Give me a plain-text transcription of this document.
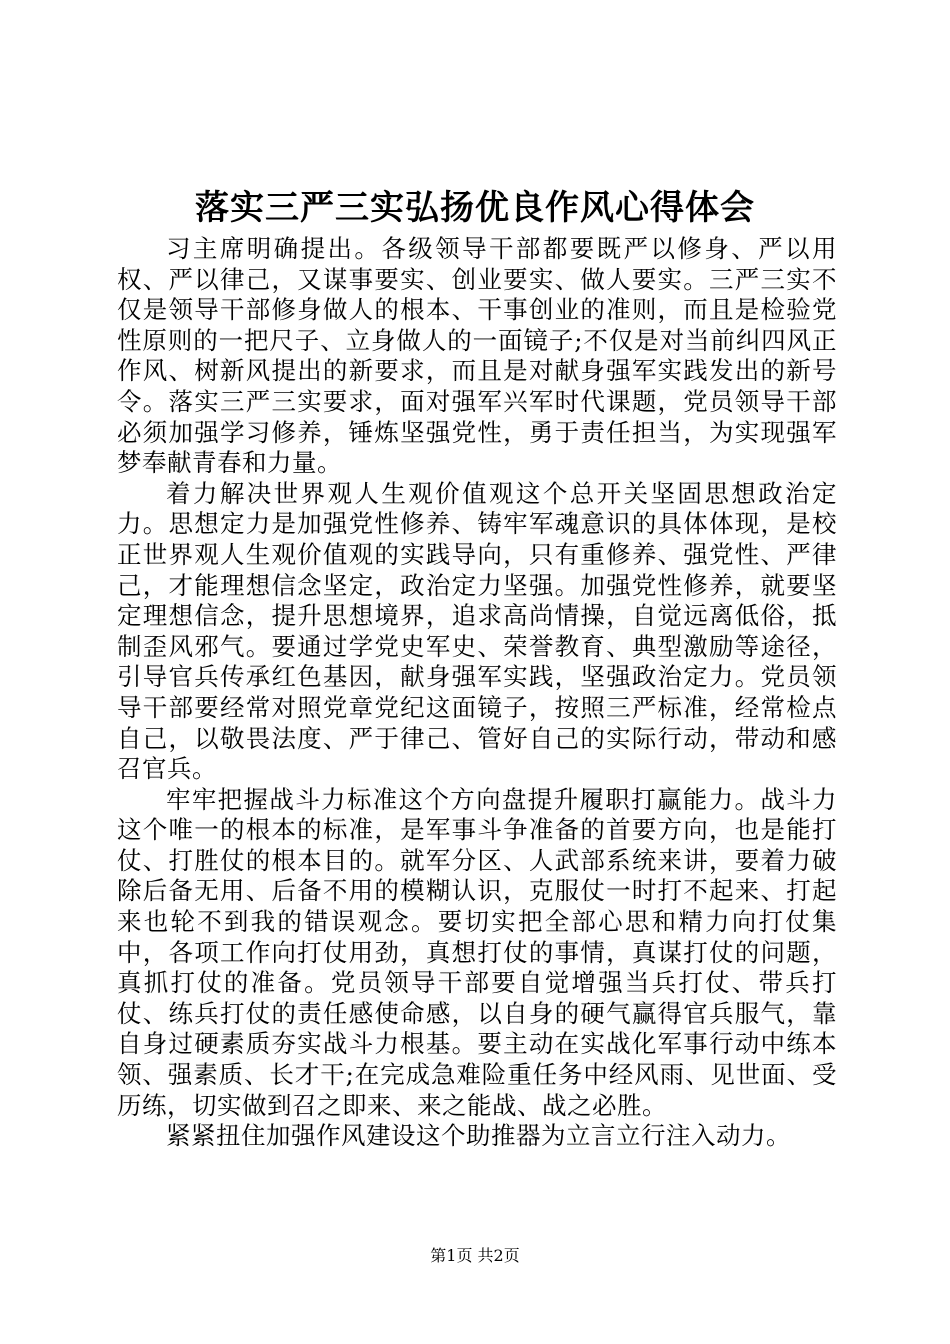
落实三严三实弘扬优良作风心得体会

习主席明确提出。各级领导干部都要既严以修身、严以用权、严以律己，又谋事要实、创业要实、做人要实。三严三实不仅是领导干部修身做人的根本、干事创业的准则，而且是检验党性原则的一把尺子、立身做人的一面镜子;不仅是对当前纠四风正作风、树新风提出的新要求，而且是对献身强军实践发出的新号令。落实三严三实要求，面对强军兴军时代课题，党员领导干部必须加强学习修养，锤炼坚强党性，勇于责任担当，为实现强军梦奉献青春和力量。

着力解决世界观人生观价值观这个总开关坚固思想政治定力。思想定力是加强党性修养、铸牢军魂意识的具体体现，是校正世界观人生观价值观的实践导向，只有重修养、强党性、严律己，才能理想信念坚定，政治定力坚强。加强党性修养，就要坚定理想信念，提升思想境界，追求高尚情操，自觉远离低俗，抵制歪风邪气。要通过学党史军史、荣誉教育、典型激励等途径，引导官兵传承红色基因，献身强军实践，坚强政治定力。党员领导干部要经常对照党章党纪这面镜子，按照三严标准，经常检点自己，以敬畏法度、严于律己、管好自己的实际行动，带动和感召官兵。

牢牢把握战斗力标准这个方向盘提升履职打赢能力。战斗力这个唯一的根本的标准，是军事斗争准备的首要方向，也是能打仗、打胜仗的根本目的。就军分区、人武部系统来讲，要着力破除后备无用、后备不用的模糊认识，克服仗一时打不起来、打起来也轮不到我的错误观念。要切实把全部心思和精力向打仗集中，各项工作向打仗用劲，真想打仗的事情，真谋打仗的问题，真抓打仗的准备。党员领导干部要自觉增强当兵打仗、带兵打仗、练兵打仗的责任感使命感，以自身的硬气赢得官兵服气，靠自身过硬素质夯实战斗力根基。要主动在实战化军事行动中练本领、强素质、长才干;在完成急难险重任务中经风雨、见世面、受历练，切实做到召之即来、来之能战、战之必胜。

紧紧扭住加强作风建设这个助推器为立言立行注入动力。

第1页 共2页
